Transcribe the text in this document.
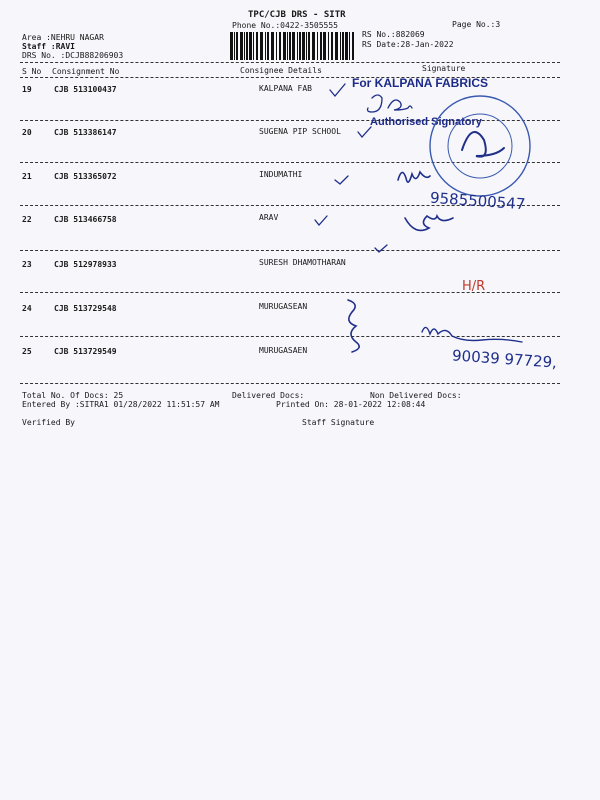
TPC/CJB DRS - SITR
Phone No.:0422-3505555	Page No.:3
Area :NEHRU NAGAR
Staff :RAVI
DRS No. :DCJB88206903
RS No.:882069
RS Date:28-Jan-2022
S No Consignment No	Consignee Details	Signature
19	CJB 513100437	KALPANA FAB
20	CJB 513386147	SUGENA PIP SCHOOL
21	CJB 513365072	INDUMATHI
22	CJB 513466758	ARAV
23	CJB 512978933	SURESH DHAMOTHARAN
24	CJB 513729548	MURUGASEAN
25	CJB 513729549	MURUGASAEN
For KALPANA FABRICS
Authorised Signatory
9585500547
90039 97729,
H/R
Total No. Of Docs: 25	Delivered Docs:	Non Delivered Docs:
Entered By :SITRA1 01/28/2022 11:51:57 AM	Printed On: 28-01-2022 12:08:44
Verified By	Staff Signature
